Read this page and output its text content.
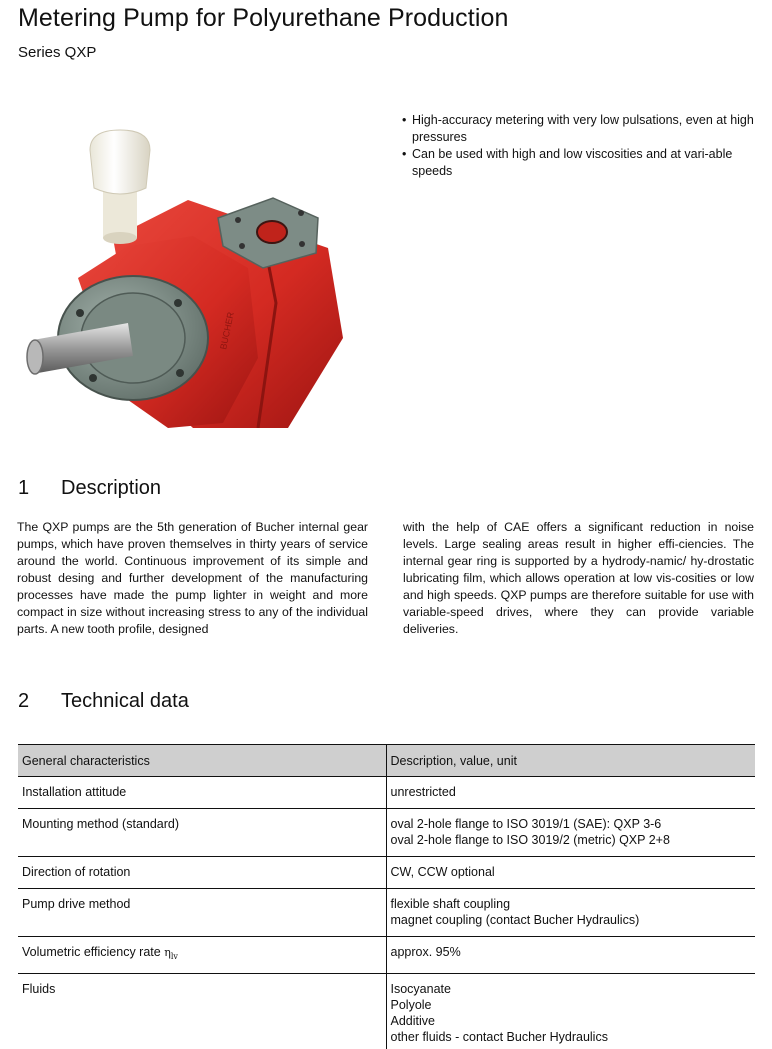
Metering Pump for Polyurethane Production
Series QXP
BUCHER
• High-accuracy metering with very low pulsations, even at high pressures
• Can be used with high and low viscosities and at vari-able speeds
1 Description

The QXP pumps are the 5th generation of Bucher internal gear pumps, which have proven themselves in thirty years of service around the world. Continuous improvement of its simple and robust desing and further development of the manufacturing processes have made the pump lighter in weight and more compact in size without increasing stress to any of the individual parts. A new tooth profile, designed

with the help of CAE offers a significant reduction in noise levels. Large sealing areas result in higher effi-ciencies. The internal gear ring is supported by a hydrody-namic/ hy-drostatic lubricating film, which allows operation at low vis-cosities or low and high speeds. QXP pumps are therefore suitable for use with variable-speed drives, where they can provide variable deliveries.

2 Technical data
General characteristics	Description, value, unit
Installation attitude	unrestricted
Mounting method (standard)	oval 2-hole flange to ISO 3019/1 (SAE): QXP 3-6
oval 2-hole flange to ISO 3019/2 (metric) QXP 2+8

Direction of rotation	CW, CCW optional
Pump drive method	flexible shaft coupling
magnet coupling (contact Bucher Hydraulics)

Volumetric efficiency rate $\eta_{lv}$	approx. 95%
Fluids	Isocyanate
Polyole
Additive
other fluids - contact Bucher Hydraulics
